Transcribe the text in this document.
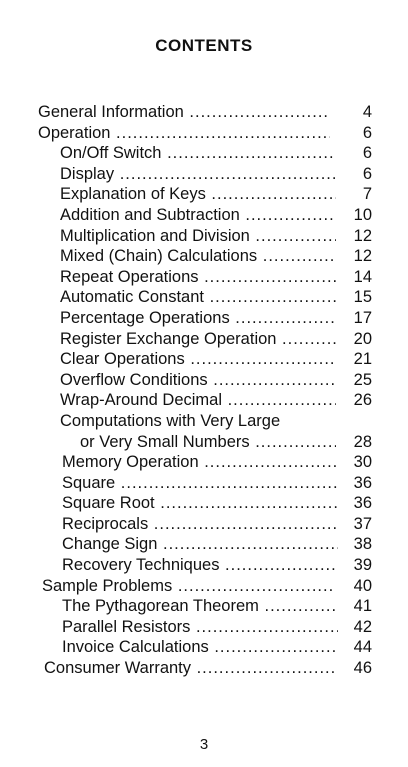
CONTENTS
General Information .....	4
Operation .....	6
On/Off Switch .....	6
Display .....	6
Explanation of Keys .....	7
Addition and Subtraction .....	10
Multiplication and Division .....	12
Mixed (Chain) Calculations .....	12
Repeat Operations .....	14
Automatic Constant .....	15
Percentage Operations .....	17
Register Exchange Operation .....	20
Clear Operations .....	21
Overflow Conditions .....	25
Wrap-Around Decimal .....	26
Computations with Very Large
or Very Small Numbers .....	28
Memory Operation .....	30
Square .....	36
Square Root .....	36
Reciprocals .....	37
Change Sign .....	38
Recovery Techniques .....	39
Sample Problems .....	40
The Pythagorean Theorem .....	41
Parallel Resistors .....	42
Invoice Calculations .....	44
Consumer Warranty .....	46
3
